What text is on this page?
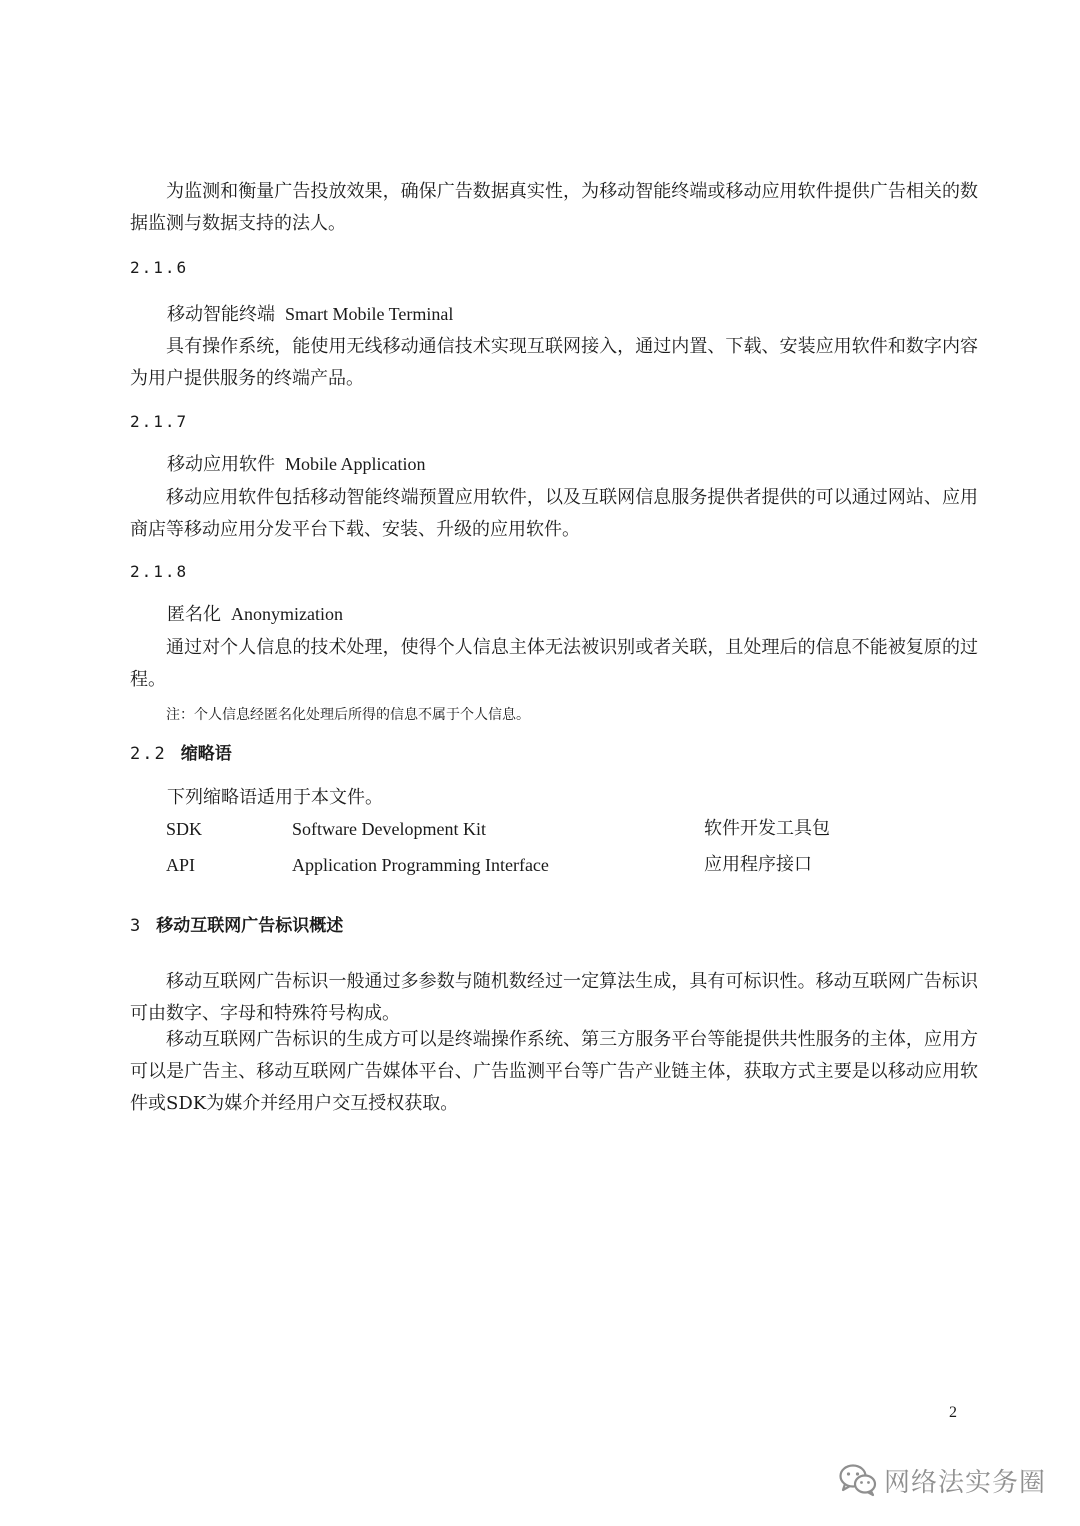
为监测和衡量广告投放效果，确保广告数据真实性，为移动智能终端或移动应用软件提供广告相关的数据监测与数据支持的法人。

2.1.6
移动智能终端 Smart Mobile Terminal

具有操作系统，能使用无线移动通信技术实现互联网接入，通过内置、下载、安装应用软件和数字内容为用户提供服务的终端产品。

2.1.7
移动应用软件 Mobile Application

移动应用软件包括移动智能终端预置应用软件，以及互联网信息服务提供者提供的可以通过网站、应用商店等移动应用分发平台下载、安装、升级的应用软件。

2.1.8
匿名化 Anonymization

通过对个人信息的技术处理，使得个人信息主体无法被识别或者关联，且处理后的信息不能被复原的过程。

注：个人信息经匿名化处理后所得的信息不属于个人信息。
2.2 缩略语
下列缩略语适用于本文件。
SDK	Software Development Kit	软件开发工具包
API	Application Programming Interface	应用程序接口
3 移动互联网广告标识概述

移动互联网广告标识一般通过多参数与随机数经过一定算法生成，具有可标识性。移动互联网广告标识可由数字、字母和特殊符号构成。

移动互联网广告标识的生成方可以是终端操作系统、第三方服务平台等能提供共性服务的主体，应用方可以是广告主、移动互联网广告媒体平台、广告监测平台等广告产业链主体，获取方式主要是以移动应用软件或SDK为媒介并经用户交互授权获取。

2
网络法实务圈
